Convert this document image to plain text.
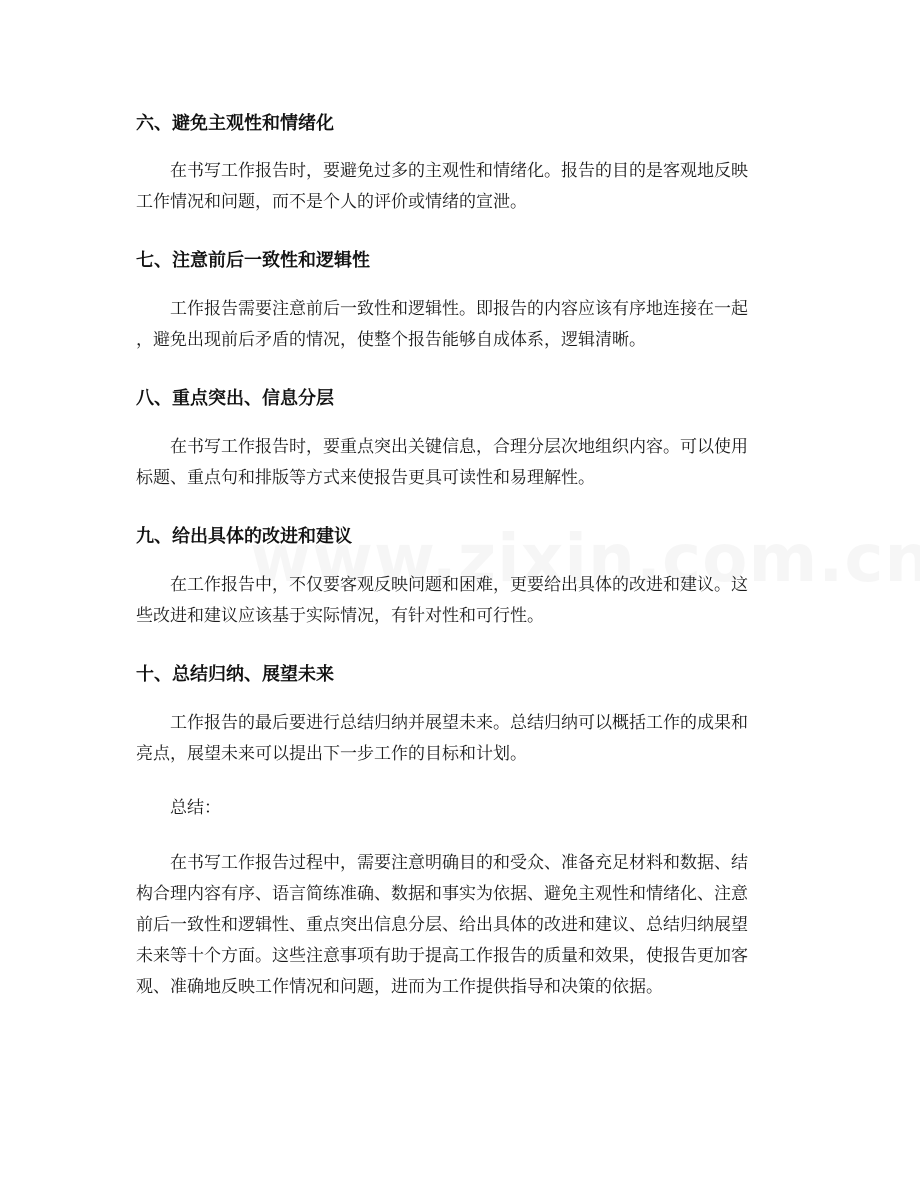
六、避免主观性和情绪化
在书写工作报告时，要避免过多的主观性和情绪化。报告的目的是客观地反映
工作情况和问题，而不是个人的评价或情绪的宣泄。
七、注意前后一致性和逻辑性
工作报告需要注意前后一致性和逻辑性。即报告的内容应该有序地连接在一起
，避免出现前后矛盾的情况，使整个报告能够自成体系，逻辑清晰。
八、重点突出、信息分层
在书写工作报告时，要重点突出关键信息，合理分层次地组织内容。可以使用
标题、重点句和排版等方式来使报告更具可读性和易理解性。
九、给出具体的改进和建议
在工作报告中，不仅要客观反映问题和困难，更要给出具体的改进和建议。这
些改进和建议应该基于实际情况，有针对性和可行性。
十、总结归纳、展望未来
工作报告的最后要进行总结归纳并展望未来。总结归纳可以概括工作的成果和
亮点，展望未来可以提出下一步工作的目标和计划。
总结：
在书写工作报告过程中，需要注意明确目的和受众、准备充足材料和数据、结
构合理内容有序、语言简练准确、数据和事实为依据、避免主观性和情绪化、注意
前后一致性和逻辑性、重点突出信息分层、给出具体的改进和建议、总结归纳展望
未来等十个方面。这些注意事项有助于提高工作报告的质量和效果，使报告更加客
观、准确地反映工作情况和问题，进而为工作提供指导和决策的依据。
